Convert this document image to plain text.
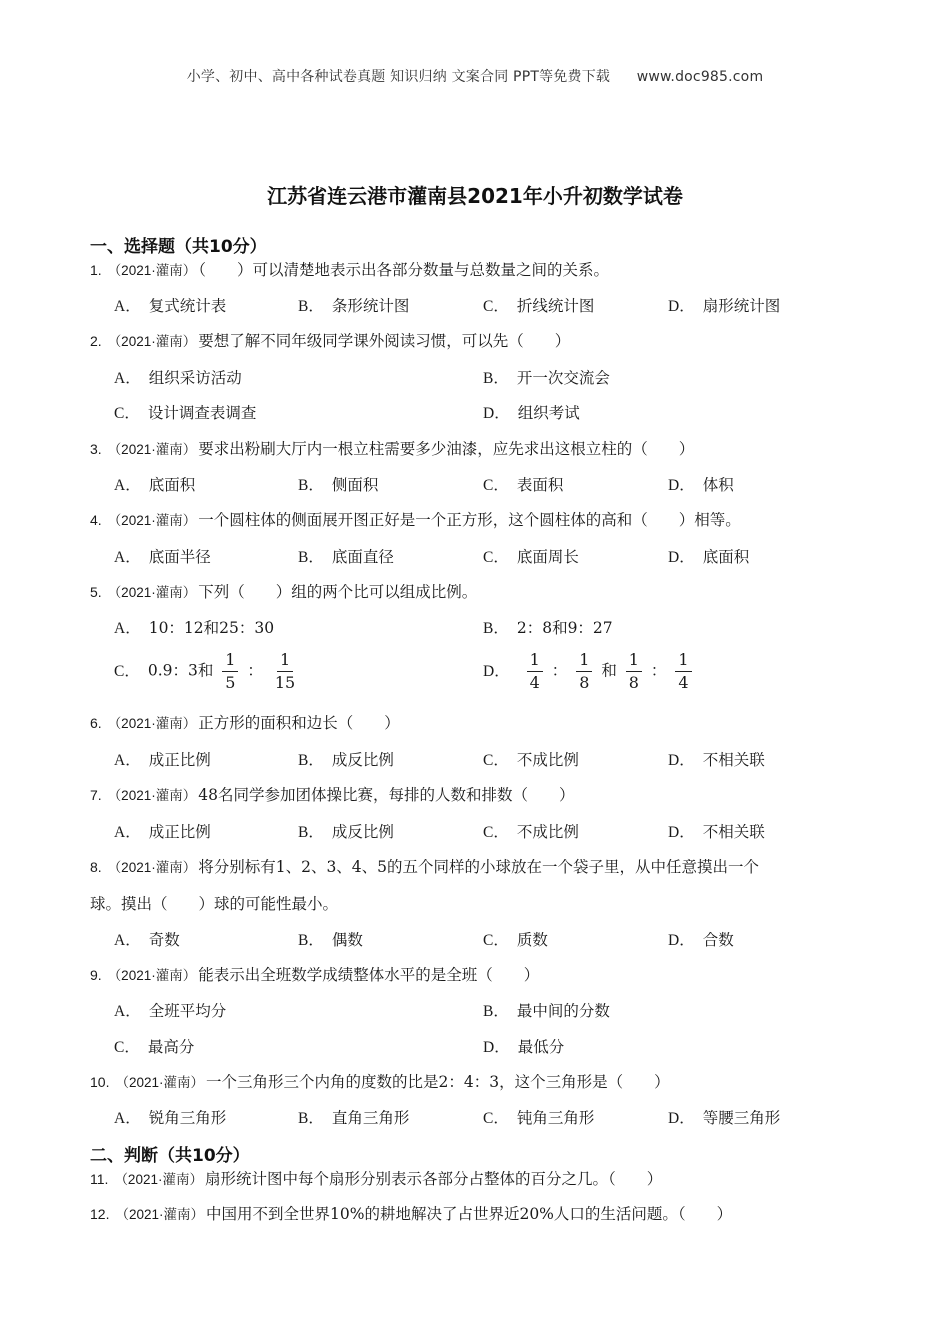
小学、初中、高中各种试卷真题 知识归纳 文案合同 PPT等免费下载 www.doc985.com
江苏省连云港市灌南县2021年小升初数学试卷
一、选择题（共10分）
1. （2021·灌南） （　　）可以清楚地表示出各部分数量与总数量之间的关系。
A． 复式统计表	B． 条形统计图	C． 折线统计图	D． 扇形统计图
2. （2021·灌南） 要想了解不同年级同学课外阅读习惯，可以先（　　）
A． 组织采访活动	B． 开一次交流会
C． 设计调查表调查	D． 组织考试
3. （2021·灌南） 要求出粉刷大厅内一根立柱需要多少油漆，应先求出这根立柱的（　　）
A． 底面积	B． 侧面积	C． 表面积	D． 体积
4. （2021·灌南） 一个圆柱体的侧面展开图正好是一个正方形，这个圆柱体的高和（　　）相等。
A． 底面半径	B． 底面直径	C． 底面周长	D． 底面积
5. （2021·灌南） 下列（　　）组的两个比可以组成比例。
A． 10：12和25：30	B． 2：8和9：27
C． 0.9：3和 $\frac{1}{5}$ ： $\frac{1}{15}$	D． $\frac{1}{4}$ ： $\frac{1}{8}$ 和 $\frac{1}{8}$ ： $\frac{1}{4}$
6. （2021·灌南） 正方形的面积和边长（　　）
A． 成正比例	B． 成反比例	C． 不成比例	D． 不相关联
7. （2021·灌南） 48名同学参加团体操比赛，每排的人数和排数（　　）
A． 成正比例	B． 成反比例	C． 不成比例	D． 不相关联
8. （2021·灌南） 将分别标有1、2、3、4、5的五个同样的小球放在一个袋子里，从中任意摸出一个
球。摸出（　　）球的可能性最小。
A． 奇数	B． 偶数	C． 质数	D． 合数
9. （2021·灌南） 能表示出全班数学成绩整体水平的是全班（　　）
A． 全班平均分	B． 最中间的分数
C． 最高分	D． 最低分
10. （2021·灌南） 一个三角形三个内角的度数的比是2：4：3，这个三角形是（　　）
A． 锐角三角形	B． 直角三角形	C． 钝角三角形	D． 等腰三角形
二、判断（共10分）
11. （2021·灌南） 扇形统计图中每个扇形分别表示各部分占整体的百分之几。（　　）
12. （2021·灌南） 中国用不到全世界10%的耕地解决了占世界近20%人口的生活问题。（　　）
